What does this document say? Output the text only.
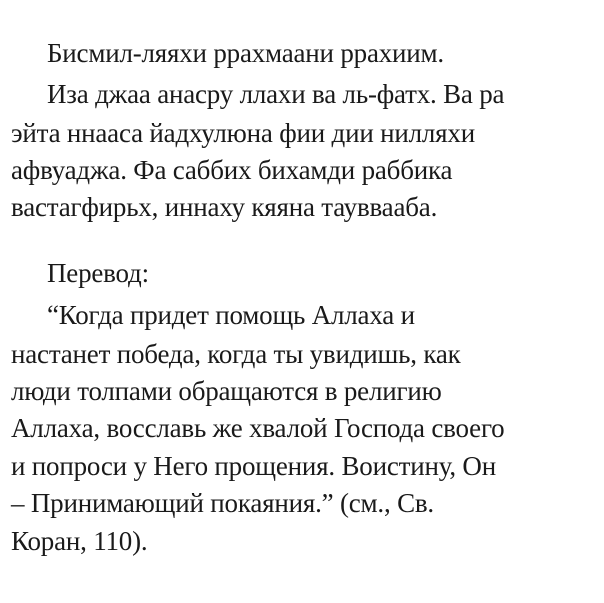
Бисмил-ляяхи ррахмаани ррахиим.
Иза джаа анасру ллахи ва ль-фатх. Ва ра
эйта ннааса йадхулюна фии дии нилляхи
афвуаджа. Фа саббих бихамди раббика
вастагфирьх, иннаху кяяна таувваaба.
Перевод:
“Когда придет помощь Аллаха и
настанет победа, когда ты увидишь, как
люди толпами обращаются в религию
Аллаха, восславь же хвалой Господа своего
и попроси у Него прощения. Воистину, Он
– Принимающий покаяния.” (см., Св.
Коран, 110).
